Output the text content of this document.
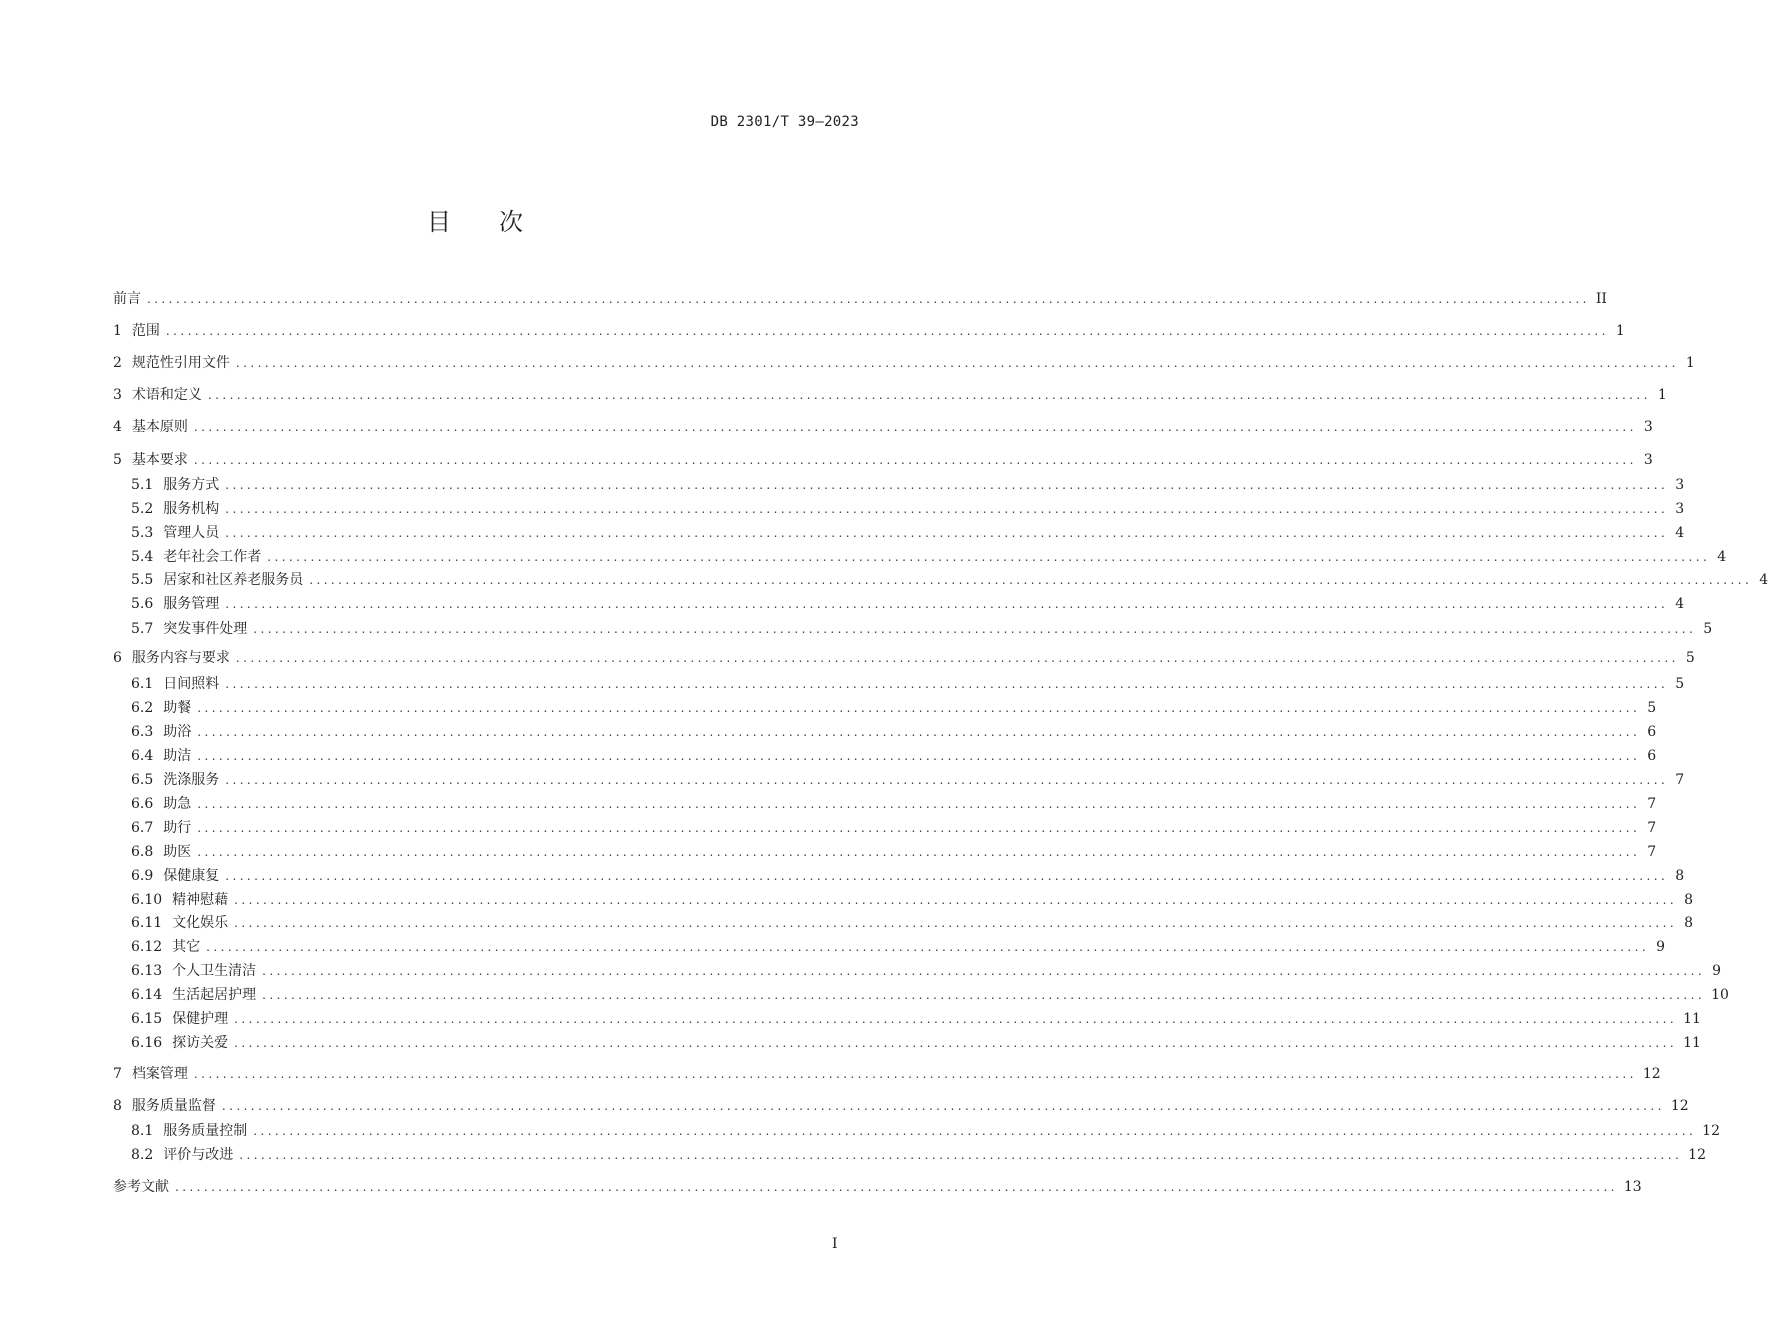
DB 2301/T 39—2023
目次
前言 ........................................................................................................................................................................................................ II
1 范围 ........................................................................................................................................................................................................ 1
2 规范性引用文件 ........................................................................................................................................................................................................ 1
3 术语和定义 ........................................................................................................................................................................................................ 1
4 基本原则 ........................................................................................................................................................................................................ 3
5 基本要求 ........................................................................................................................................................................................................ 3
5.1 服务方式 ........................................................................................................................................................................................................ 3
5.2 服务机构 ........................................................................................................................................................................................................ 3
5.3 管理人员 ........................................................................................................................................................................................................ 4
5.4 老年社会工作者 ........................................................................................................................................................................................................ 4
5.5 居家和社区养老服务员 ........................................................................................................................................................................................................ 4
5.6 服务管理 ........................................................................................................................................................................................................ 4
5.7 突发事件处理 ........................................................................................................................................................................................................ 5
6 服务内容与要求 ........................................................................................................................................................................................................ 5
6.1 日间照料 ........................................................................................................................................................................................................ 5
6.2 助餐 ........................................................................................................................................................................................................ 5
6.3 助浴 ........................................................................................................................................................................................................ 6
6.4 助洁 ........................................................................................................................................................................................................ 6
6.5 洗涤服务 ........................................................................................................................................................................................................ 7
6.6 助急 ........................................................................................................................................................................................................ 7
6.7 助行 ........................................................................................................................................................................................................ 7
6.8 助医 ........................................................................................................................................................................................................ 7
6.9 保健康复 ........................................................................................................................................................................................................ 8
6.10 精神慰藉 ........................................................................................................................................................................................................ 8
6.11 文化娱乐 ........................................................................................................................................................................................................ 8
6.12 其它 ........................................................................................................................................................................................................ 9
6.13 个人卫生清洁 ........................................................................................................................................................................................................ 9
6.14 生活起居护理 ........................................................................................................................................................................................................ 10
6.15 保健护理 ........................................................................................................................................................................................................ 11
6.16 探访关爱 ........................................................................................................................................................................................................ 11
7 档案管理 ........................................................................................................................................................................................................ 12
8 服务质量监督 ........................................................................................................................................................................................................ 12
8.1 服务质量控制 ........................................................................................................................................................................................................ 12
8.2 评价与改进 ........................................................................................................................................................................................................ 12
参考文献 ........................................................................................................................................................................................................ 13
I
